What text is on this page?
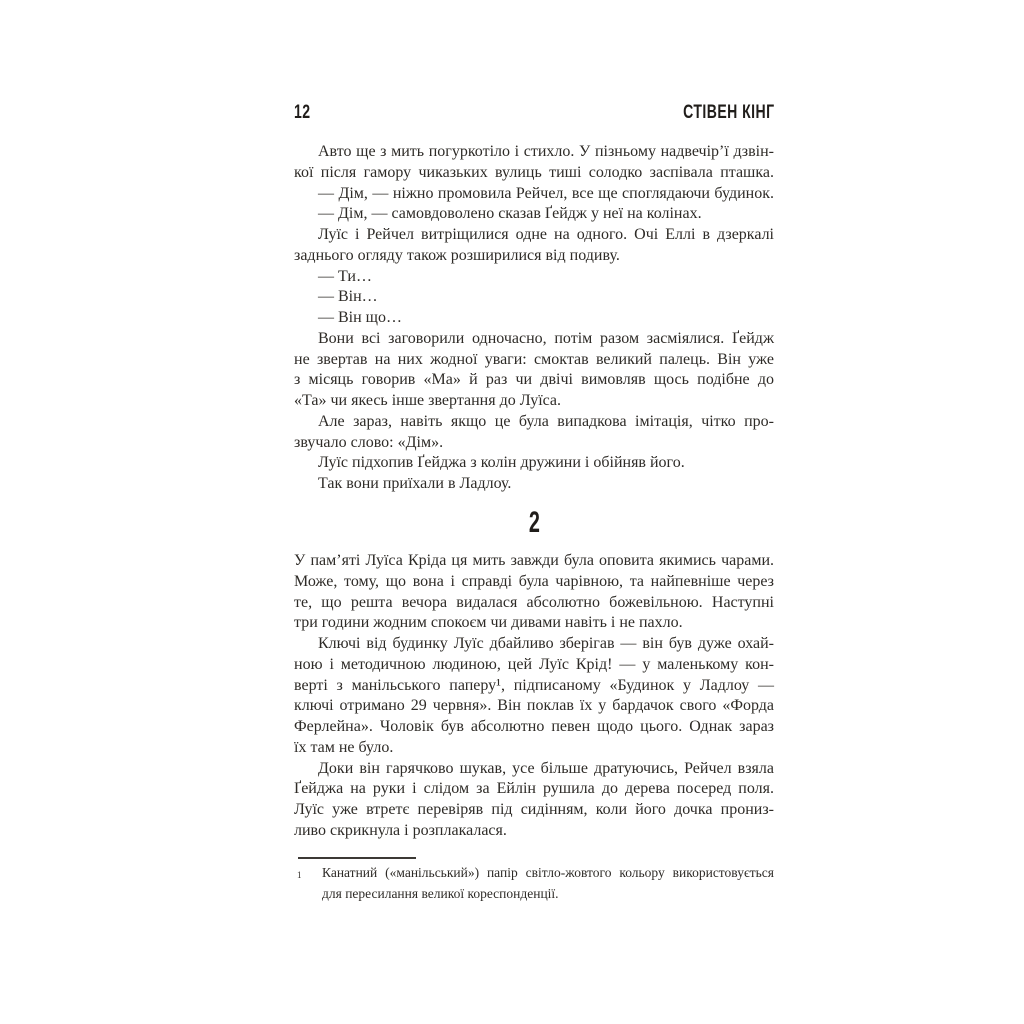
12	СТІВЕН КІНГ
Авто ще з мить погуркотіло і стихло. У пізньому надвечір’ї дзвін-
кої після гамору чиказьких вулиць тиші солодко заспівала пташка.
— Дім, — ніжно промовила Рейчел, все ще споглядаючи будинок.
— Дім, — самовдоволено сказав Ґейдж у неї на колінах.
Луїс і Рейчел витріщилися одне на одного. Очі Еллі в дзеркалі
заднього огляду також розширилися від подиву.
— Ти…
— Він…
— Він що…
Вони всі заговорили одночасно, потім разом засміялися. Ґейдж
не звертав на них жодної уваги: смоктав великий палець. Він уже
з місяць говорив «Ма» й раз чи двічі вимовляв щось подібне до
«Та» чи якесь інше звертання до Луїса.
Але зараз, навіть якщо це була випадкова імітація, чітко про-
звучало слово: «Дім».
Луїс підхопив Ґейджа з колін дружини і обійняв його.
Так вони приїхали в Ладлоу.
2
У пам’яті Луїса Кріда ця мить завжди була оповита якимись чарами.
Може, тому, що вона і справді була чарівною, та найпевніше через
те, що решта вечора видалася абсолютно божевільною. Наступні
три години жодним спокоєм чи дивами навіть і не пахло.
Ключі від будинку Луїс дбайливо зберігав — він був дуже охай-
ною і методичною людиною, цей Луїс Крід! — у маленькому кон-
верті з манільського паперу¹, підписаному «Будинок у Ладлоу —
ключі отримано 29 червня». Він поклав їх у бардачок свого «Форда
Ферлейна». Чоловік був абсолютно певен щодо цього. Однак зараз
їх там не було.
Доки він гарячково шукав, усе більше дратуючись, Рейчел взяла
Ґейджа на руки і слідом за Ейлін рушила до дерева посеред поля.
Луїс уже втретє перевіряв під сидінням, коли його дочка прониз-
ливо скрикнула і розплакалася.
1 Канатний («манільський») папір світло-жовтого кольору використовується
для пересилання великої кореспонденції.
